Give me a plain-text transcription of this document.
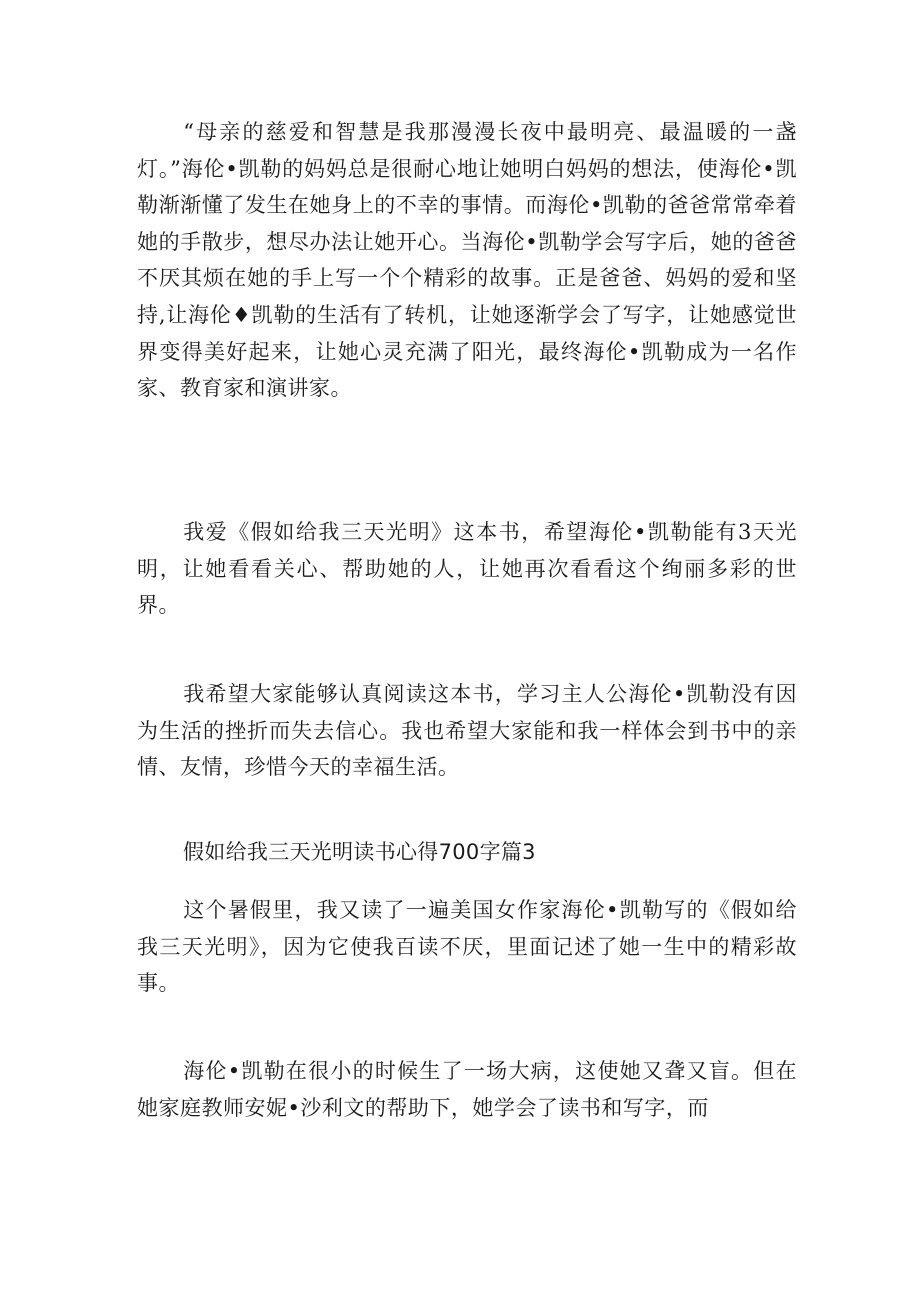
“母亲的慈爱和智慧是我那漫漫长夜中最明亮、最温暖的一盏灯。”海伦•凯勒的妈妈总是很耐心地让她明白妈妈的想法，使海伦•凯勒渐渐懂了发生在她身上的不幸的事情。而海伦•凯勒的爸爸常常牵着她的手散步，想尽办法让她开心。当海伦•凯勒学会写字后，她的爸爸不厌其烦在她的手上写一个个精彩的故事。正是爸爸、妈妈的爱和坚持,让海伦♦凯勒的生活有了转机，让她逐渐学会了写字，让她感觉世界变得美好起来，让她心灵充满了阳光，最终海伦•凯勒成为一名作家、教育家和演讲家。

我爱《假如给我三天光明》这本书，希望海伦•凯勒能有3天光明，让她看看关心、帮助她的人，让她再次看看这个绚丽多彩的世界。

我希望大家能够认真阅读这本书，学习主人公海伦•凯勒没有因为生活的挫折而失去信心。我也希望大家能和我一样体会到书中的亲情、友情，珍惜今天的幸福生活。

假如给我三天光明读书心得700字篇3

这个暑假里，我又读了一遍美国女作家海伦•凯勒写的《假如给我三天光明》，因为它使我百读不厌，里面记述了她一生中的精彩故事。

海伦•凯勒在很小的时候生了一场大病，这使她又聋又盲。但在她家庭教师安妮•沙利文的帮助下，她学会了读书和写字，而
